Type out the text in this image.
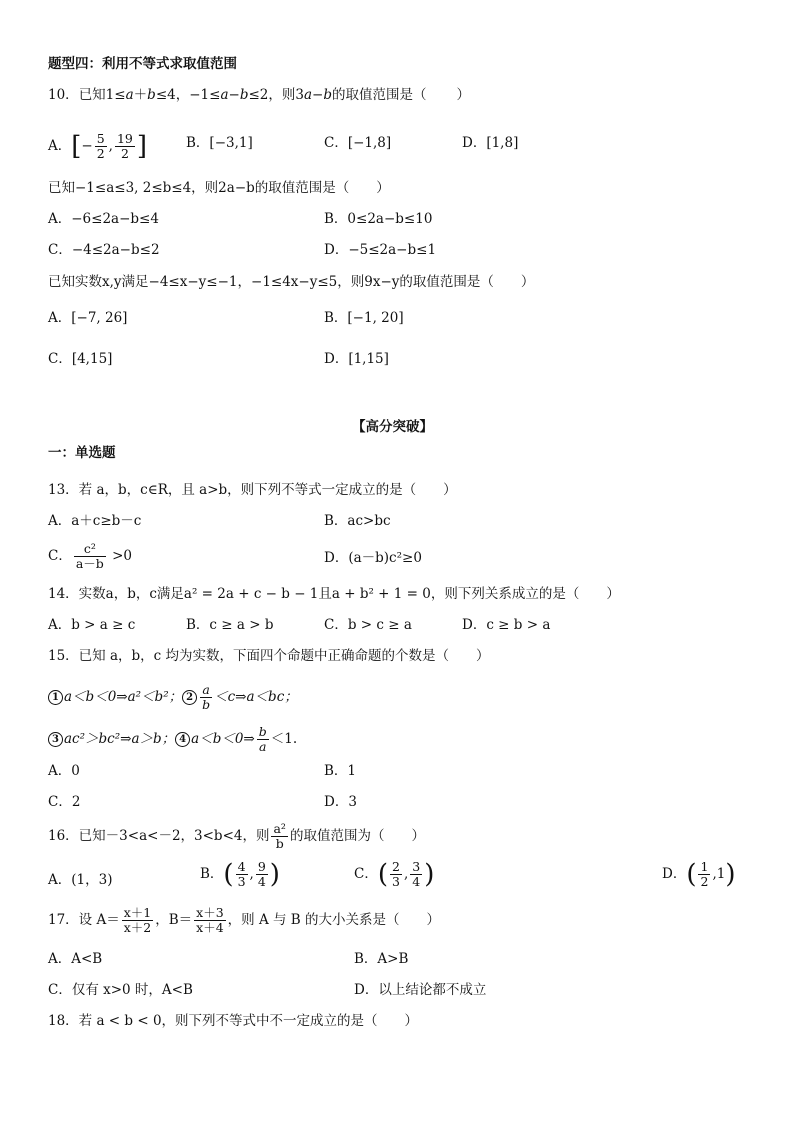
题型四：利用不等式求取值范围
10．已知1≤a＋b≤4，−1≤a−b≤2，则3a−b的取值范围是（ ）
A．[− $\frac{5}{2}$ , $\frac{19}{2}$ ]	B．[−3,1]	C．[−1,8]	D．[1,8]
已知−1≤a≤3, 2≤b≤4，则2a−b的取值范围是（　　）
A．−6≤2a−b≤4	B．0≤2a−b≤10
C．−4≤2a−b≤2	D．−5≤2a−b≤1
已知实数x,y满足−4≤x−y≤−1，−1≤4x−y≤5，则9x−y的取值范围是（　　）
A．[−7, 26]	B．[−1, 20]
C．[4,15]	D．[1,15]
【高分突破】
一：单选题
13．若 a，b，c∈R，且 a>b，则下列不等式一定成立的是（　　）
A．a＋c≥b－c	B．ac>bc
C． $\frac{\text{c²}}{a-b} >0$	D．(a－b)c²≥0
14．实数a，b，c满足a² = 2a + c − b − 1且a + b² + 1 = 0，则下列关系成立的是（　　）
A．b > a ≥ c	B．c ≥ a > b	C．b > c ≥ a	D．c ≥ b > a
15．已知 a，b，c 均为实数，下面四个命题中正确命题的个数是（　　）
1 a＜b＜0⇒a²＜b²； $2 \frac{a}{b}$ ＜c⇒a＜bc；
3 ac²＞bc²⇒a＞b； 4 a＜b＜0⇒ $\frac{b}{a} <1$.
A．0	B．1
C．2	D．3
16．已知－3<a<－2，3<b<4，则 $\frac{\text{a²}}{b}$ 的取值范围为（　　）
A．(1，3)	B．( $\frac{4}{3}$ , $\frac{9}{4}$ )	C．( $\frac{2}{3}$ , $\frac{3}{4}$ )	D．( $\frac{1}{2} ,1$)
17．设 $A= \frac{x+1}{x+2}$ ，$B= \frac{x+3}{x+4}$ ，则 A 与 B 的大小关系是（　　）
A．A<B	B．A>B
C．仅有 x>0 时，A<B	D．以上结论都不成立
18．若 a < b < 0，则下列不等式中不一定成立的是（　　）
